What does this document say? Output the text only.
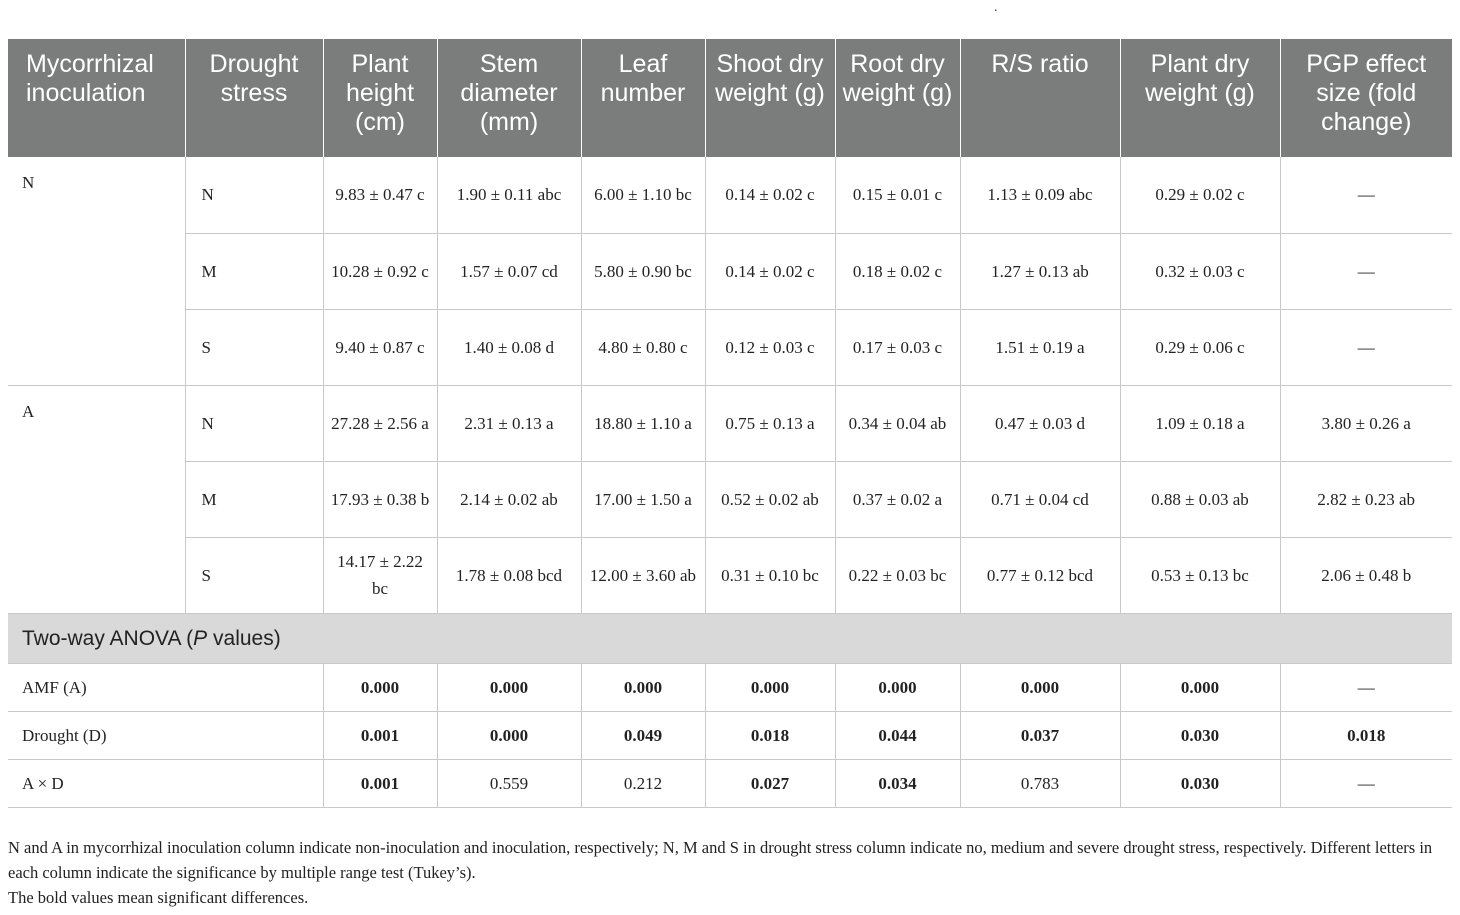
.
Mycorrhizal inoculation	Drought stress	Plant height (cm)	Stem diameter (mm)	Leaf number	Shoot dry weight (g)	Root dry weight (g)	R/S ratio	Plant dry weight (g)	PGP effect size (fold change)
N	N	9.83 ± 0.47 c	1.90 ± 0.11 abc	6.00 ± 1.10 bc	0.14 ± 0.02 c	0.15 ± 0.01 c	1.13 ± 0.09 abc	0.29 ± 0.02 c	—
	M	10.28 ± 0.92 c	1.57 ± 0.07 cd	5.80 ± 0.90 bc	0.14 ± 0.02 c	0.18 ± 0.02 c	1.27 ± 0.13 ab	0.32 ± 0.03 c	—
	S	9.40 ± 0.87 c	1.40 ± 0.08 d	4.80 ± 0.80 c	0.12 ± 0.03 c	0.17 ± 0.03 c	1.51 ± 0.19 a	0.29 ± 0.06 c	—
A	N	27.28 ± 2.56 a	2.31 ± 0.13 a	18.80 ± 1.10 a	0.75 ± 0.13 a	0.34 ± 0.04 ab	0.47 ± 0.03 d	1.09 ± 0.18 a	3.80 ± 0.26 a
	M	17.93 ± 0.38 b	2.14 ± 0.02 ab	17.00 ± 1.50 a	0.52 ± 0.02 ab	0.37 ± 0.02 a	0.71 ± 0.04 cd	0.88 ± 0.03 ab	2.82 ± 0.23 ab
	S	14.17 ± 2.22 bc	1.78 ± 0.08 bcd	12.00 ± 3.60 ab	0.31 ± 0.10 bc	0.22 ± 0.03 bc	0.77 ± 0.12 bcd	0.53 ± 0.13 bc	2.06 ± 0.48 b
Two-way ANOVA (P values)									
AMF (A)		0.000	0.000	0.000	0.000	0.000	0.000	0.000	—
Drought (D)		0.001	0.000	0.049	0.018	0.044	0.037	0.030	0.018
A × D		0.001	0.559	0.212	0.027	0.034	0.783	0.030	—

N and A in mycorrhizal inoculation column indicate non-inoculation and inoculation, respectively; N, M and S in drought stress column indicate no, medium and severe drought stress, respectively. Different letters in each column indicate the significance by multiple range test (Tukey’s).

The bold values mean significant differences.
